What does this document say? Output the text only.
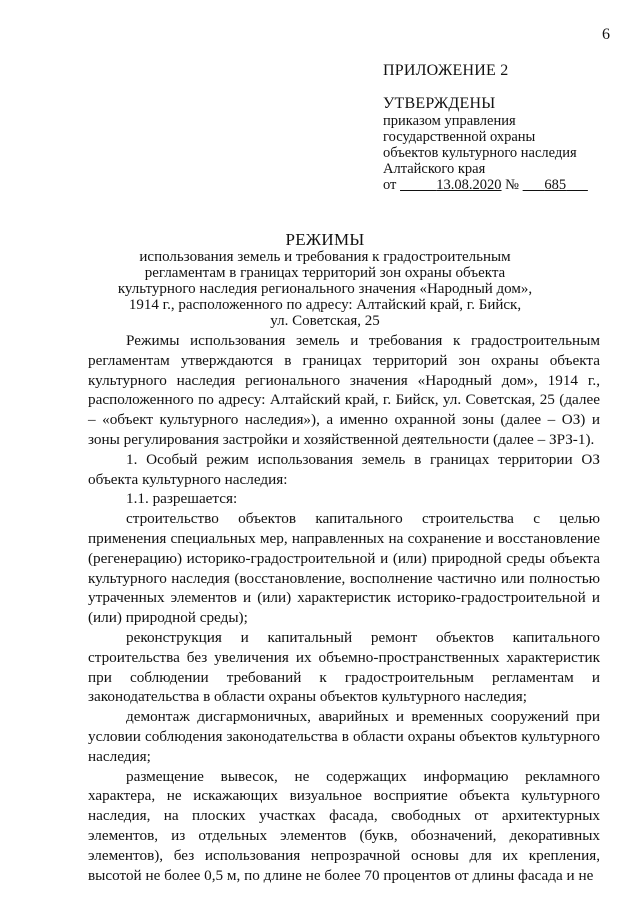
6
ПРИЛОЖЕНИЕ 2
УТВЕРЖДЕНЫ
приказом управления
государственной охраны
объектов культурного наследия
Алтайского края
от	13.08.2020 № 685
РЕЖИМЫ
использования земель и требования к градостроительным
регламентам в границах территорий зон охраны объекта
культурного наследия регионального значения «Народный дом»,
1914 г., расположенного по адресу: Алтайский край, г. Бийск,
ул. Советская, 25

Режимы использования земель и требования к градостроительным регламентам утверждаются в границах территорий зон охраны объекта культурного наследия регионального значения «Народный дом», 1914 г., расположенного по адресу: Алтайский край, г. Бийск, ул. Советская, 25 (далее – «объект культурного наследия»), а именно охранной зоны (далее – ОЗ) и зоны регулирования застройки и хозяйственной деятельности (далее – ЗРЗ-1).

1. Особый режим использования земель в границах территории ОЗ объекта культурного наследия:

1.1. разрешается:

строительство объектов капитального строительства с целью применения специальных мер, направленных на сохранение и восстановление (регенерацию) историко-градостроительной и (или) природной среды объекта культурного наследия (восстановление, восполнение частично или полностью утраченных элементов и (или) характеристик историко-градостроительной и (или) природной среды);

реконструкция и капитальный ремонт объектов капитального строительства без увеличения их объемно-пространственных характеристик при соблюдении требований к градостроительным регламентам и законодательства в области охраны объектов культурного наследия;

демонтаж дисгармоничных, аварийных и временных сооружений при условии соблюдения законодательства в области охраны объектов культурного наследия;

размещение вывесок, не содержащих информацию рекламного характера, не искажающих визуальное восприятие объекта культурного наследия, на плоских участках фасада, свободных от архитектурных элементов, из отдельных элементов (букв, обозначений, декоративных элементов), без использования непрозрачной основы для их крепления, высотой не более 0,5 м, по длине не более 70 процентов от длины фасада и не
